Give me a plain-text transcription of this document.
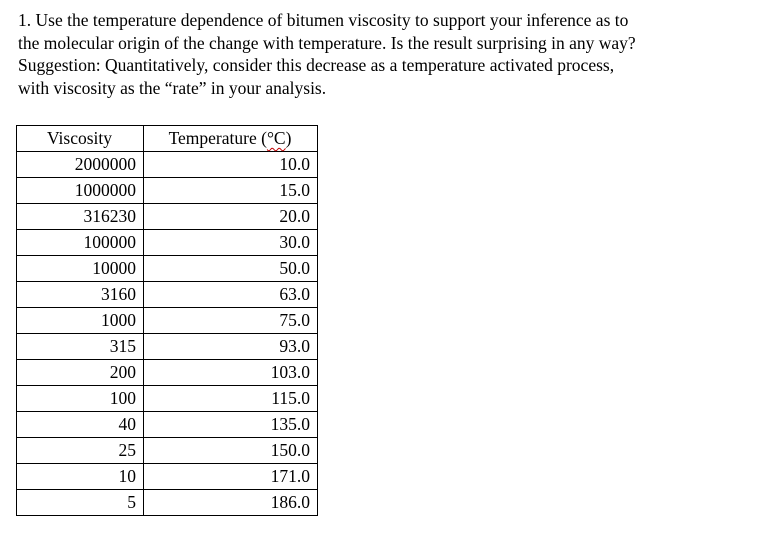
1. Use the temperature dependence of bitumen viscosity to support your inference as to
the molecular origin of the change with temperature. Is the result surprising in any way?
Suggestion: Quantitatively, consider this decrease as a temperature activated process,
with viscosity as the “rate” in your analysis.

Viscosity	Temperature (°C)
2000000	10.0
1000000	15.0
316230	20.0
100000	30.0
10000	50.0
3160	63.0
1000	75.0
315	93.0
200	103.0
100	115.0
40	135.0
25	150.0
10	171.0
5	186.0
